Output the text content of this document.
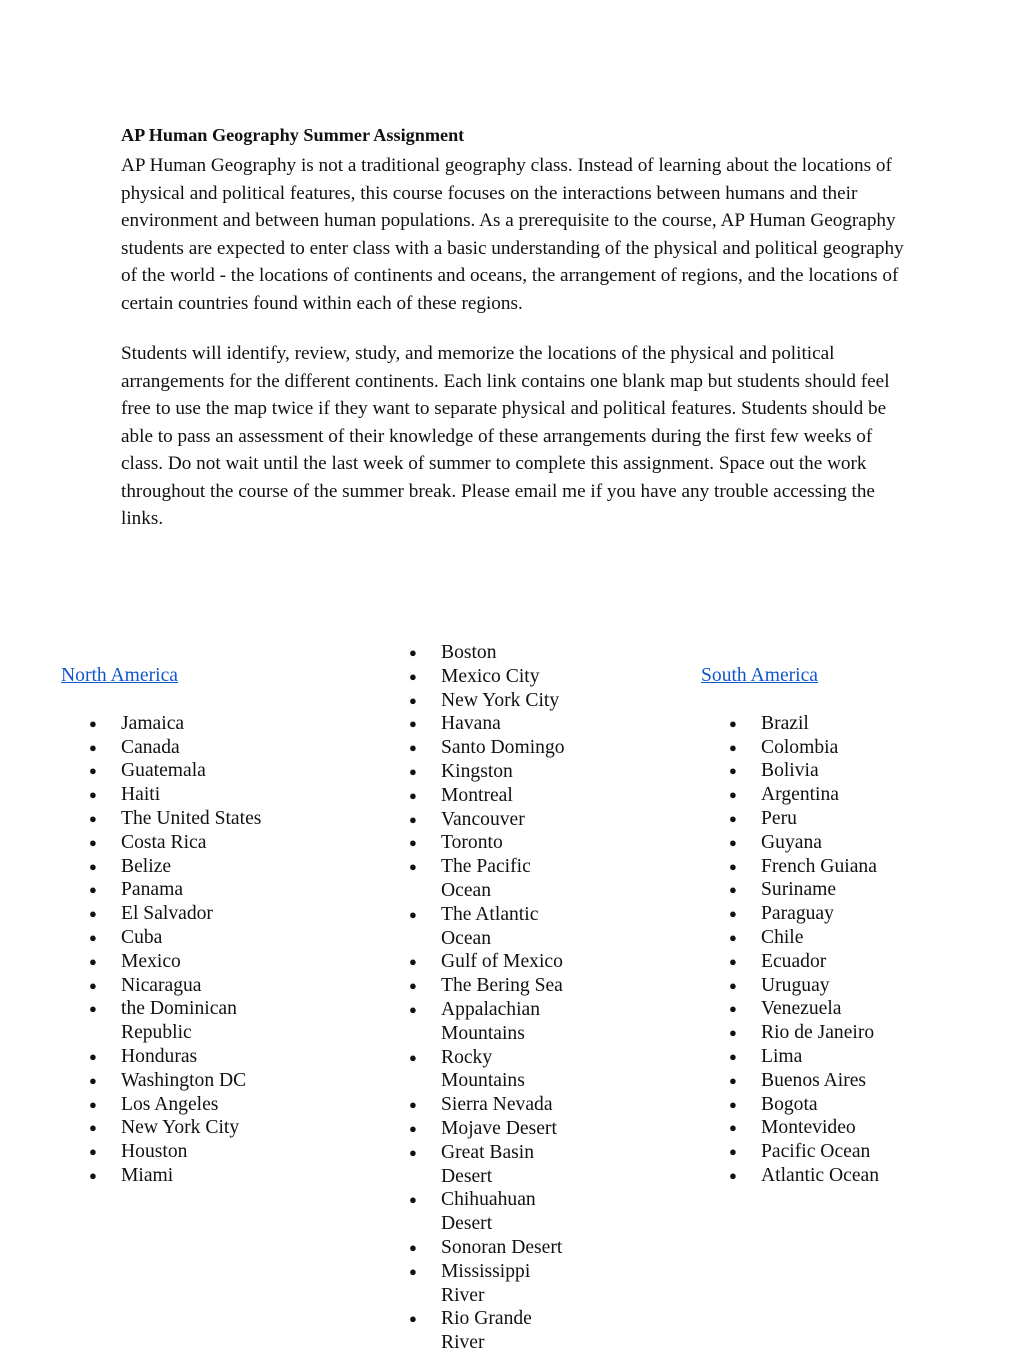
AP Human Geography Summer Assignment

AP Human Geography is not a traditional geography class. Instead of learning about the locations of physical and political features, this course focuses on the interactions between humans and their environment and between human populations. As a prerequisite to the course, AP Human Geography students are expected to enter class with a basic understanding of the physical and political geography of the world - the locations of continents and oceans, the arrangement of regions, and the locations of certain countries found within each of these regions.

Students will identify, review, study, and memorize the locations of the physical and political arrangements for the different continents. Each link contains one blank map but students should feel free to use the map twice if they want to separate physical and political features. Students should be able to pass an assessment of their knowledge of these arrangements during the first few weeks of class. Do not wait until the last week of summer to complete this assignment. Space out the work throughout the course of the summer break. Please email me if you have any trouble accessing the links.

North America
● Jamaica
● Canada
● Guatemala
● Haiti
● The United States
● Costa Rica
● Belize
● Panama
● El Salvador
● Cuba
● Mexico
● Nicaragua
● the Dominican Republic
● Honduras
● Washington DC
● Los Angeles
● New York City
● Houston
● Miami
● Boston
● Mexico City
● New York City
● Havana
● Santo Domingo
● Kingston
● Montreal
● Vancouver
● Toronto
● The Pacific Ocean
● The Atlantic Ocean
● Gulf of Mexico
● The Bering Sea
● Appalachian Mountains
● Rocky Mountains
● Sierra Nevada
● Mojave Desert
● Great Basin Desert
● Chihuahuan Desert
● Sonoran Desert
● Mississippi River
● Rio Grande River
South America
● Brazil
● Colombia
● Bolivia
● Argentina
● Peru
● Guyana
● French Guiana
● Suriname
● Paraguay
● Chile
● Ecuador
● Uruguay
● Venezuela
● Rio de Janeiro
● Lima
● Buenos Aires
● Bogota
● Montevideo
● Pacific Ocean
● Atlantic Ocean
